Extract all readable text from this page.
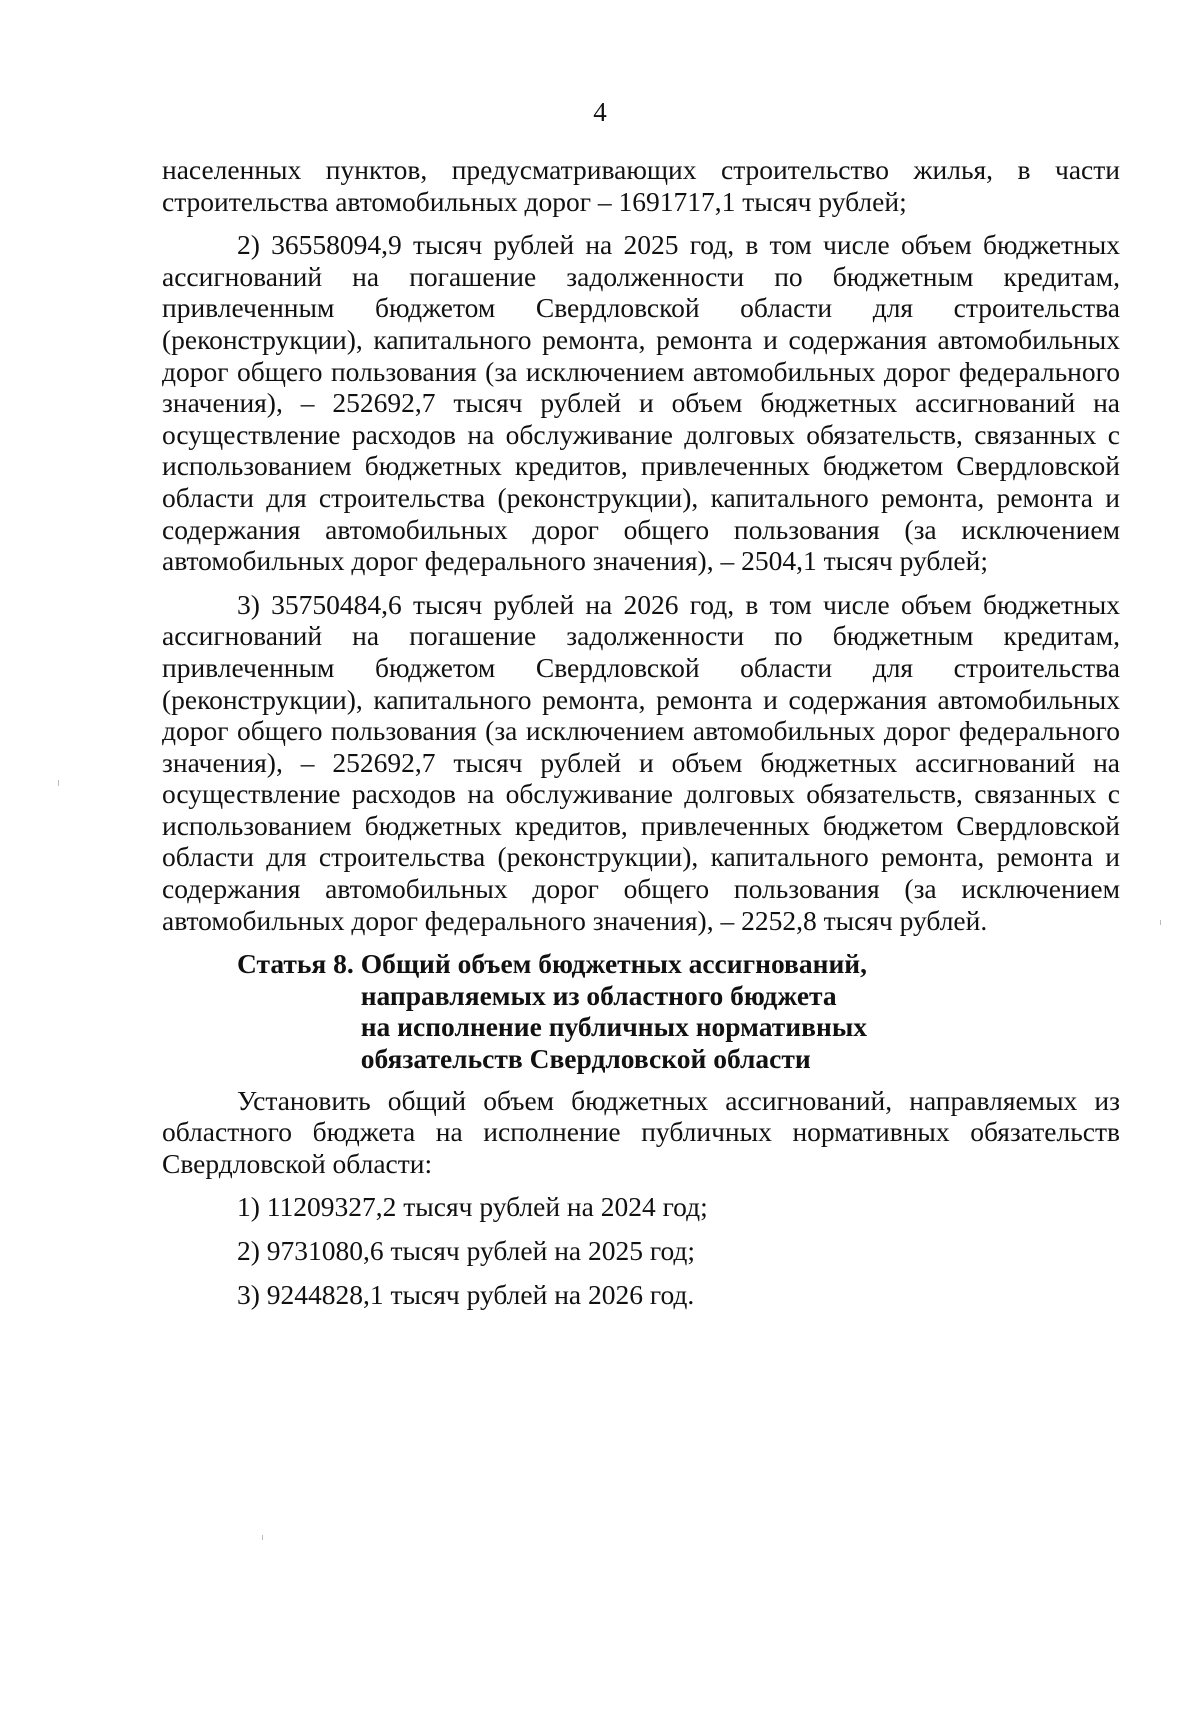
4

населенных пунктов, предусматривающих строительство жилья, в части строительства автомобильных дорог – 1691717,1 тысяч рублей;

2) 36558094,9 тысяч рублей на 2025 год, в том числе объем бюджетных ассигнований на погашение задолженности по бюджетным кредитам, привлеченным бюджетом Свердловской области для строительства (реконструкции), капитального ремонта, ремонта и содержания автомобильных дорог общего пользования (за исключением автомобильных дорог федерального значения), – 252692,7 тысяч рублей и объем бюджетных ассигнований на осуществление расходов на обслуживание долговых обязательств, связанных с использованием бюджетных кредитов, привлеченных бюджетом Свердловской области для строительства (реконструкции), капитального ремонта, ремонта и содержания автомобильных дорог общего пользования (за исключением автомобильных дорог федерального значения), – 2504,1 тысяч рублей;

3) 35750484,6 тысяч рублей на 2026 год, в том числе объем бюджетных ассигнований на погашение задолженности по бюджетным кредитам, привлеченным бюджетом Свердловской области для строительства (реконструкции), капитального ремонта, ремонта и содержания автомобильных дорог общего пользования (за исключением автомобильных дорог федерального значения), – 252692,7 тысяч рублей и объем бюджетных ассигнований на осуществление расходов на обслуживание долговых обязательств, связанных с использованием бюджетных кредитов, привлеченных бюджетом Свердловской области для строительства (реконструкции), капитального ремонта, ремонта и содержания автомобильных дорог общего пользования (за исключением автомобильных дорог федерального значения), – 2252,8 тысяч рублей.

Статья 8. Общий объем бюджетных ассигнований,
направляемых из областного бюджета
на исполнение публичных нормативных
обязательств Свердловской области

Установить общий объем бюджетных ассигнований, направляемых из областного бюджета на исполнение публичных нормативных обязательств Свердловской области:

1) 11209327,2 тысяч рублей на 2024 год;
2) 9731080,6 тысяч рублей на 2025 год;
3) 9244828,1 тысяч рублей на 2026 год.
